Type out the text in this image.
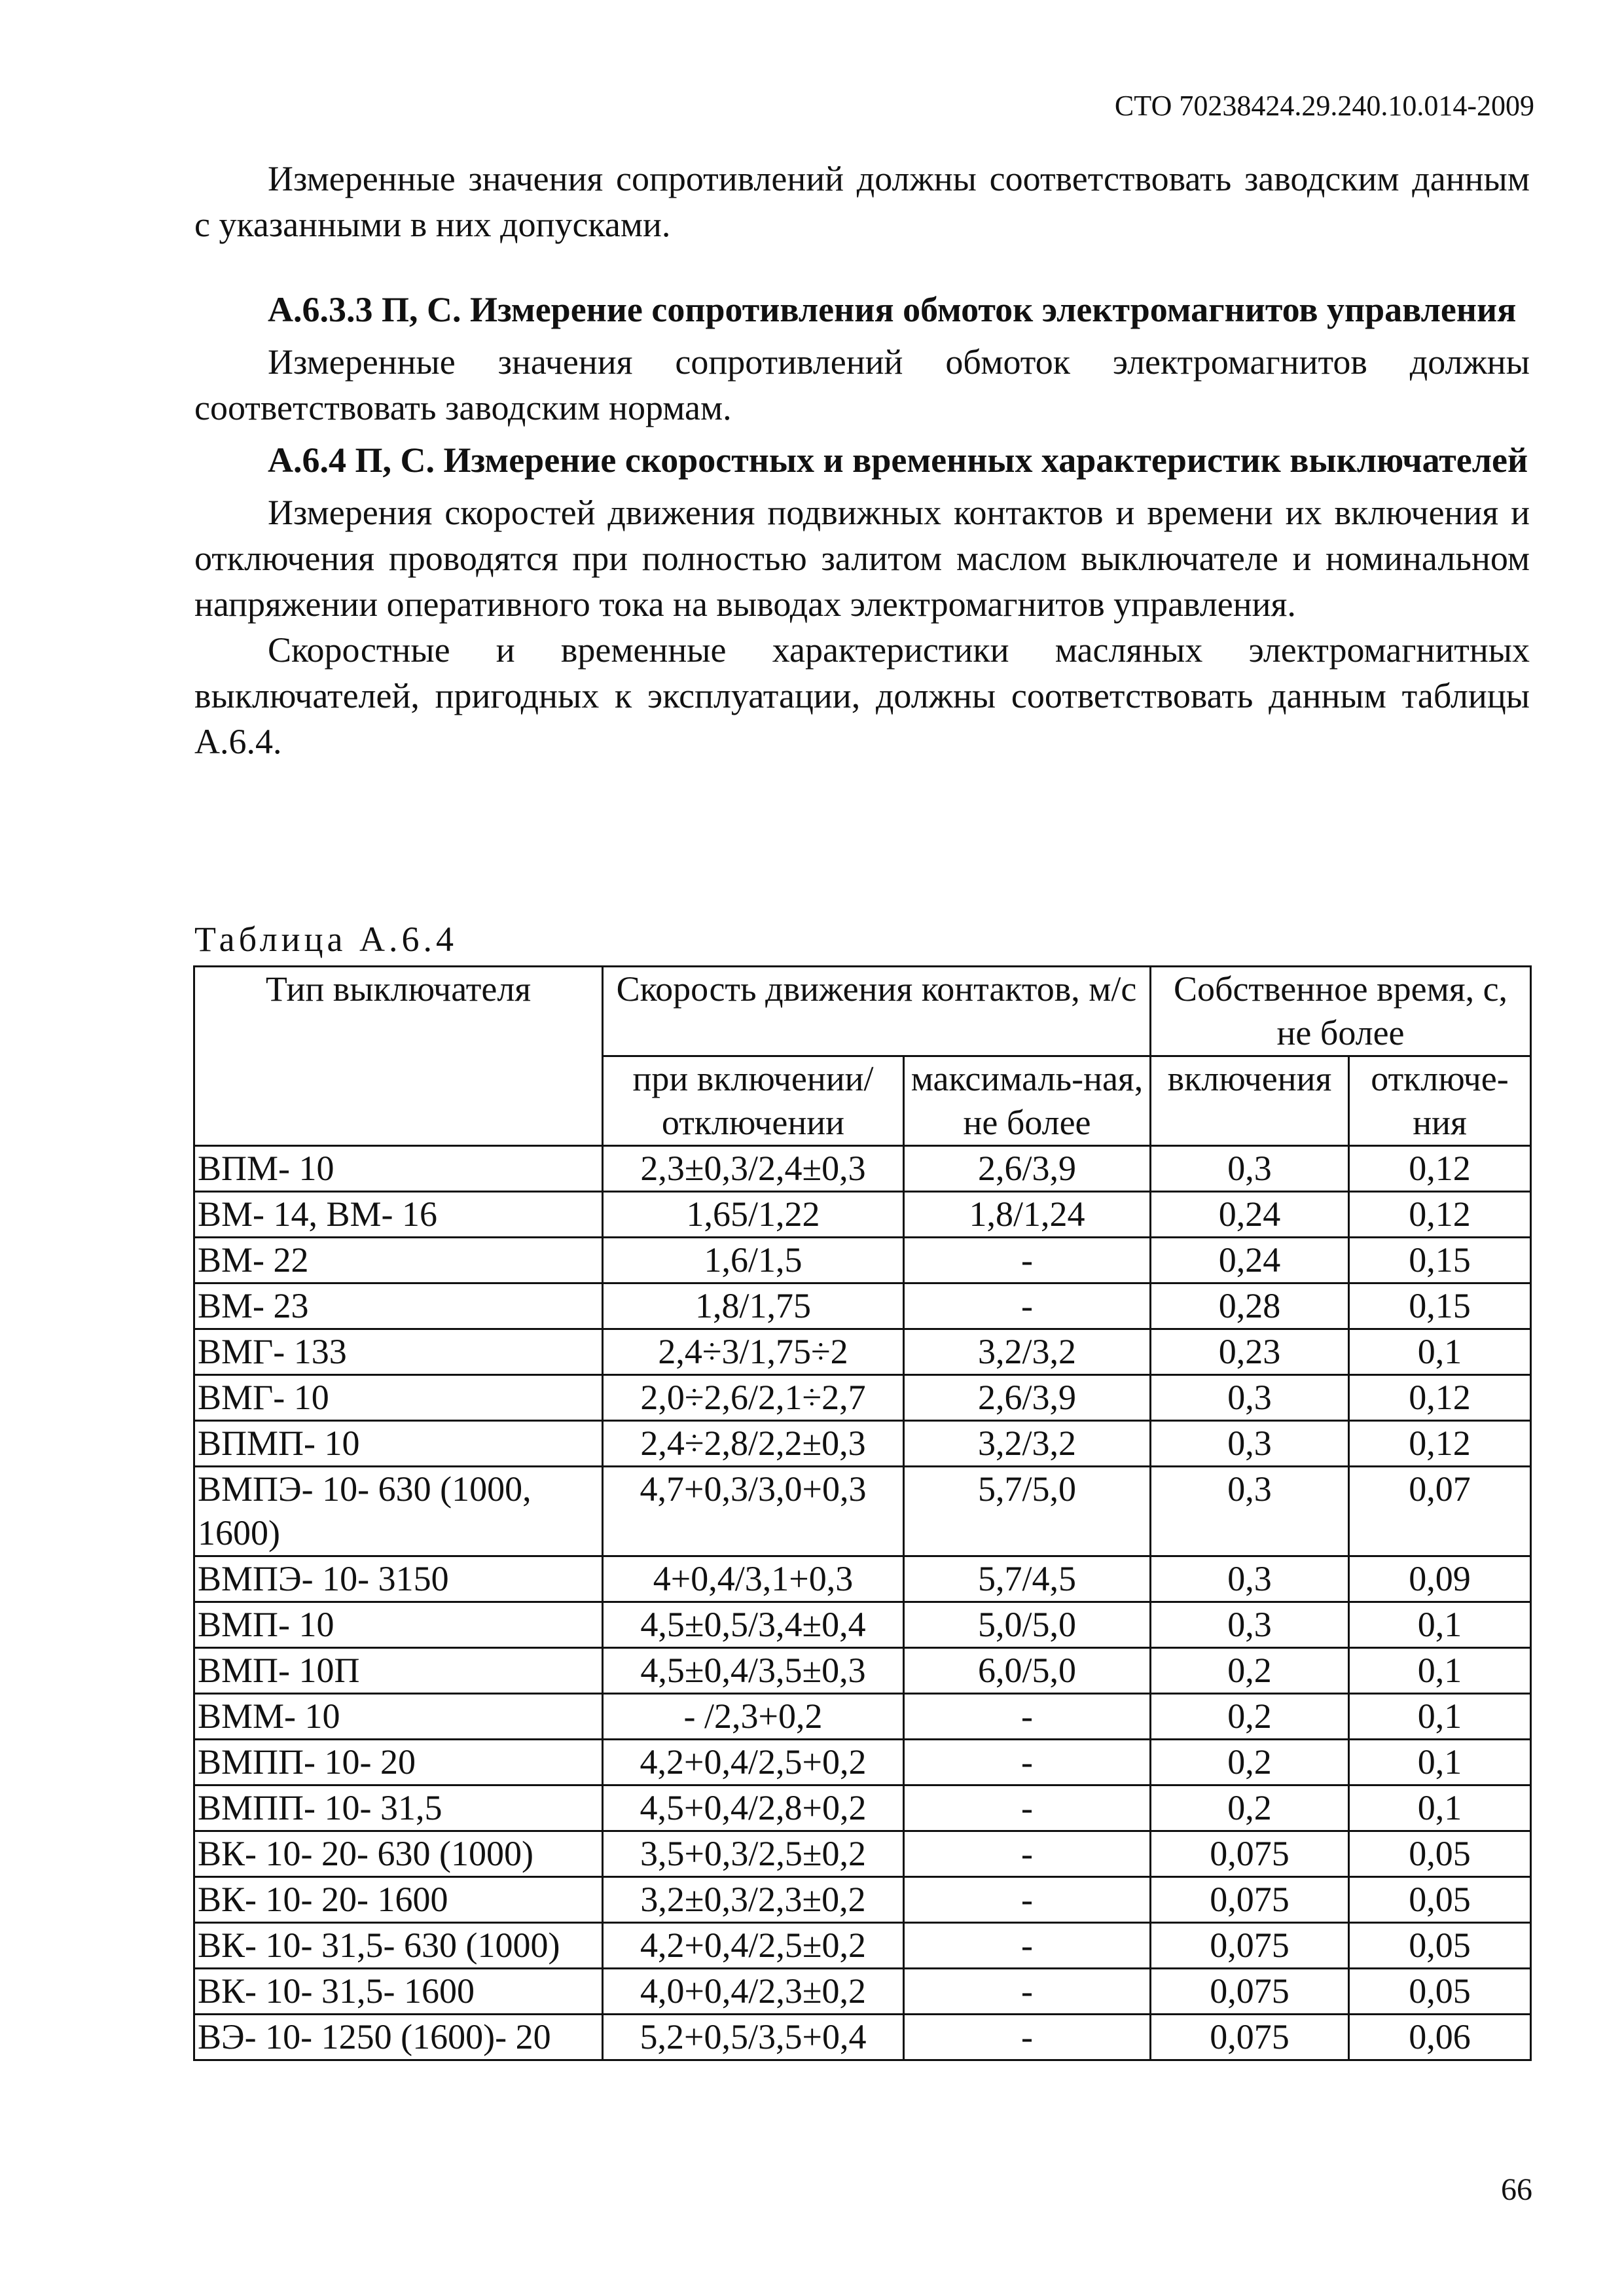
СТО 70238424.29.240.10.014-2009

Измеренные значения сопротивлений должны соответствовать заводским данным с указанными в них допусками.

А.6.3.3 П, С. Измерение сопротивления обмоток электромагнитов управления

Измеренные значения сопротивлений обмоток электромагнитов должны соответствовать заводским нормам.

А.6.4 П, С. Измерение скоростных и временных характеристик выключателей

Измерения скоростей движения подвижных контактов и времени их включения и отключения проводятся при полностью залитом маслом выключателе и номинальном напряжении оперативного тока на выводах электромагнитов управления.

Скоростные и временные характеристики масляных электромагнитных выключателей, пригодных к эксплуатации, должны соответствовать данным таблицы А.6.4.

Таблица А.6.4
Тип выключателя	Скорость движения контактов, м/с		Собственное время, с, не более	
	при включении/ отключении	максималь-ная, не более	включения	отключе-ния
ВПМ- 10	2,3±0,3/2,4±0,3	2,6/3,9	0,3	0,12
ВМ- 14, ВМ- 16	1,65/1,22	1,8/1,24	0,24	0,12
ВМ- 22	1,6/1,5	-	0,24	0,15
ВМ- 23	1,8/1,75	-	0,28	0,15
ВМГ- 133	2,4÷3/1,75÷2	3,2/3,2	0,23	0,1
ВМГ- 10	2,0÷2,6/2,1÷2,7	2,6/3,9	0,3	0,12
ВПМП- 10	2,4÷2,8/2,2±0,3	3,2/3,2	0,3	0,12
ВМПЭ- 10- 630 (1000, 1600)	4,7+0,3/3,0+0,3	5,7/5,0	0,3	0,07
ВМПЭ- 10- 3150	4+0,4/3,1+0,3	5,7/4,5	0,3	0,09
ВМП- 10	4,5±0,5/3,4±0,4	5,0/5,0	0,3	0,1
ВМП- 10П	4,5±0,4/3,5±0,3	6,0/5,0	0,2	0,1
ВММ- 10	- /2,3+0,2	-	0,2	0,1
ВМПП- 10- 20	4,2+0,4/2,5+0,2	-	0,2	0,1
ВМПП- 10- 31,5	4,5+0,4/2,8+0,2	-	0,2	0,1
ВК- 10- 20- 630 (1000)	3,5+0,3/2,5±0,2	-	0,075	0,05
ВК- 10- 20- 1600	3,2±0,3/2,3±0,2	-	0,075	0,05
ВК- 10- 31,5- 630 (1000)	4,2+0,4/2,5±0,2	-	0,075	0,05
ВК- 10- 31,5- 1600	4,0+0,4/2,3±0,2	-	0,075	0,05
ВЭ- 10- 1250 (1600)- 20	5,2+0,5/3,5+0,4	-	0,075	0,06
66
